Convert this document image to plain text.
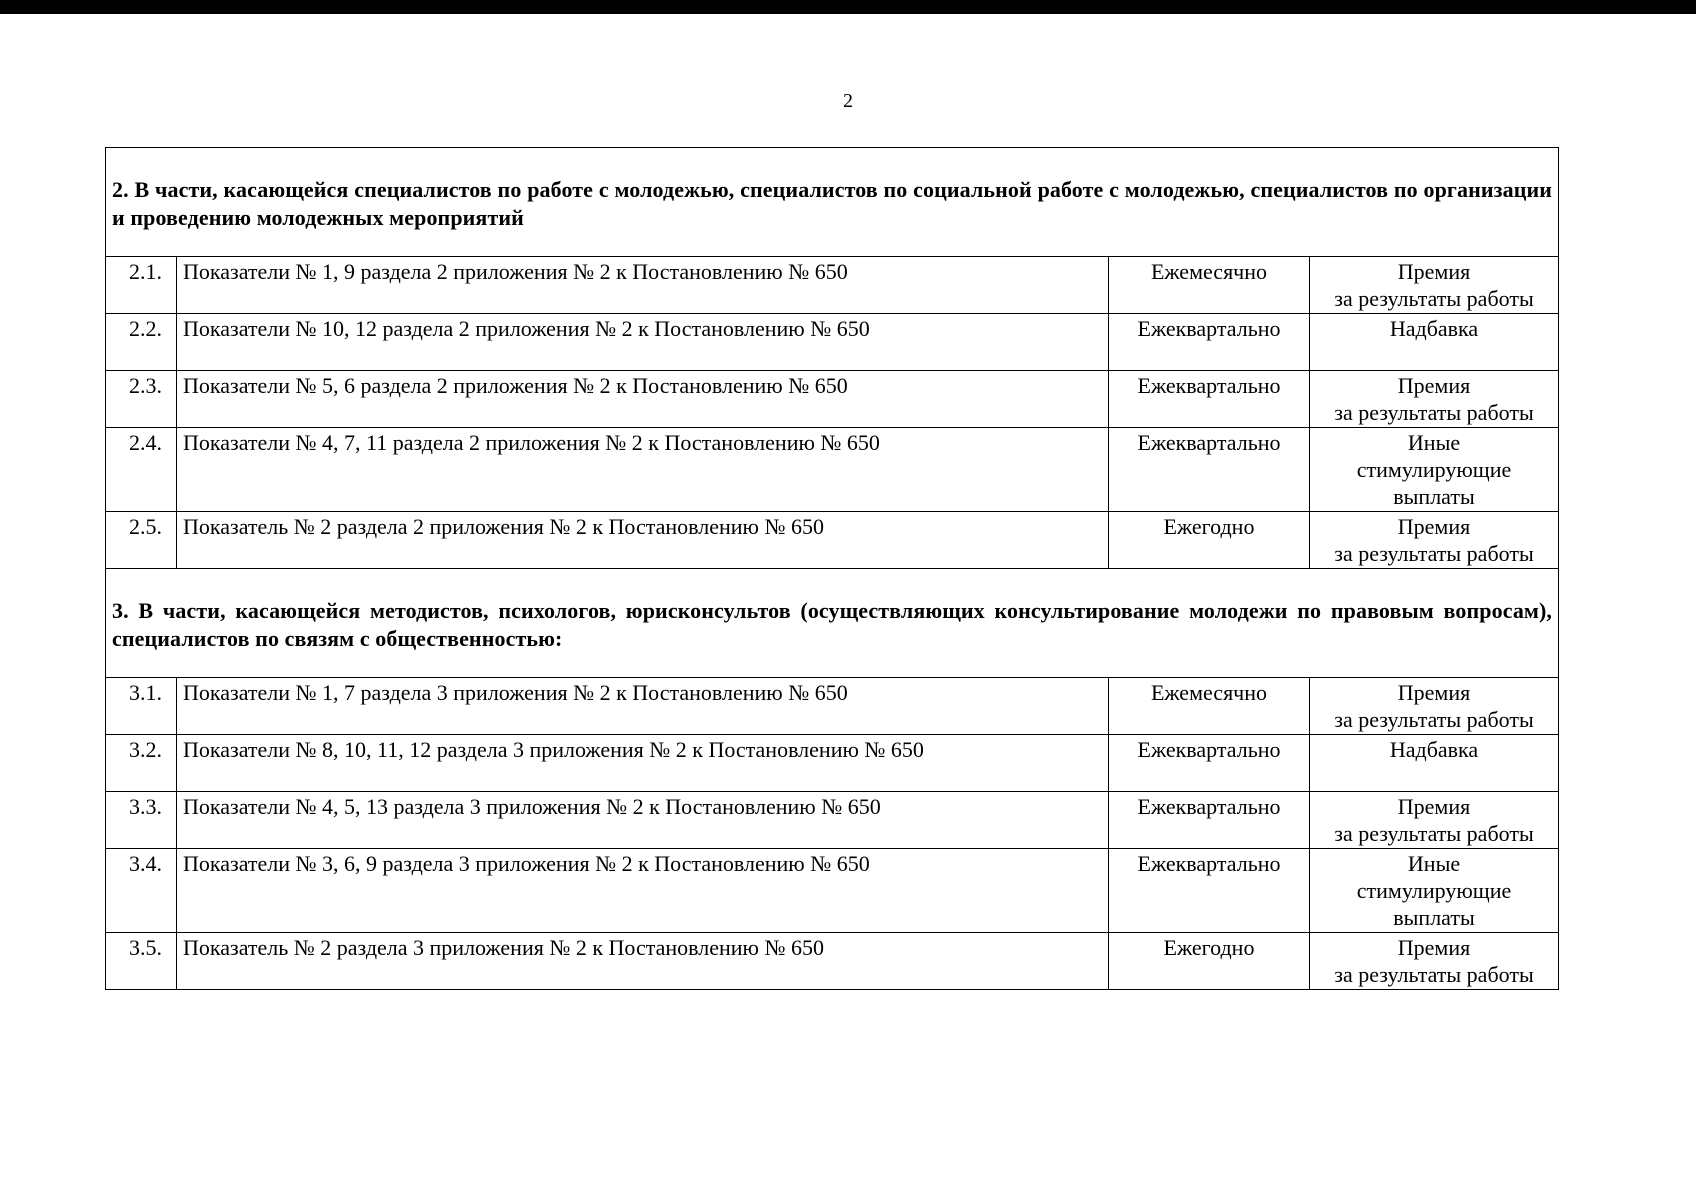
2
2. В части, касающейся специалистов по работе с молодежью, специалистов по социальной работе с молодежью, специалистов по организации и проведению молодежных мероприятий			
2.1.	Показатели № 1, 9 раздела 2 приложения № 2 к Постановлению № 650	Ежемесячно	Премия
за результаты работы

2.2.	Показатели № 10, 12 раздела 2 приложения № 2 к Постановлению № 650	Ежеквартально	Надбавка

2.3.	Показатели № 5, 6 раздела 2 приложения № 2 к Постановлению № 650	Ежеквартально	Премия
за результаты работы

2.4.	Показатели № 4, 7, 11 раздела 2 приложения № 2 к Постановлению № 650	Ежеквартально	Иные
стимулирующие
выплаты

2.5.	Показатель № 2 раздела 2 приложения № 2 к Постановлению № 650	Ежегодно	Премия
за результаты работы

3. В части, касающейся методистов, психологов, юрисконсультов (осуществляющих консультирование молодежи по правовым вопросам), специалистов по связям с общественностью:			
3.1.	Показатели № 1, 7 раздела 3 приложения № 2 к Постановлению № 650	Ежемесячно	Премия
за результаты работы

3.2.	Показатели № 8, 10, 11, 12 раздела 3 приложения № 2 к Постановлению № 650	Ежеквартально	Надбавка

3.3.	Показатели № 4, 5, 13 раздела 3 приложения № 2 к Постановлению № 650	Ежеквартально	Премия
за результаты работы

3.4.	Показатели № 3, 6, 9 раздела 3 приложения № 2 к Постановлению № 650	Ежеквартально	Иные
стимулирующие
выплаты

3.5.	Показатель № 2 раздела 3 приложения № 2 к Постановлению № 650	Ежегодно	Премия
за результаты работы
